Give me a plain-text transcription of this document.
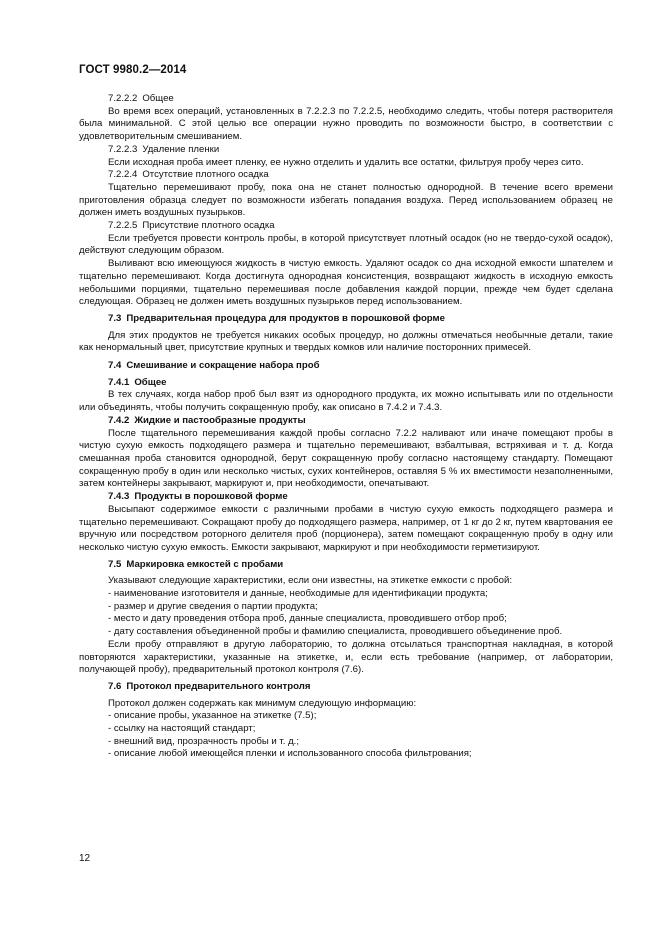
ГОСТ 9980.2—2014

7.2.2.2 Общее

Во время всех операций, установленных в 7.2.2.3 по 7.2.2.5, необходимо следить, чтобы потеря растворителя была минимальной. С этой целью все операции нужно проводить по возможности быстро, в соответствии с удовлетворительным смешиванием.

7.2.2.3 Удаление пленки

Если исходная проба имеет пленку, ее нужно отделить и удалить все остатки, фильтруя пробу через сито.

7.2.2.4 Отсутствие плотного осадка

Тщательно перемешивают пробу, пока она не станет полностью однородной. В течение всего времени приготовления образца следует по возможности избегать попадания воздуха. Перед использованием образец не должен иметь воздушных пузырьков.

7.2.2.5 Присутствие плотного осадка

Если требуется провести контроль пробы, в которой присутствует плотный осадок (но не твердо-сухой осадок), действуют следующим образом.

Выливают всю имеющуюся жидкость в чистую емкость. Удаляют осадок со дна исходной емкости шпателем и тщательно перемешивают. Когда достигнута однородная консистенция, возвращают жидкость в исходную емкость небольшими порциями, тщательно перемешивая после добавления каждой порции, прежде чем будет сделана следующая. Образец не должен иметь воздушных пузырьков перед использованием.

7.3 Предварительная процедура для продуктов в порошковой форме

Для этих продуктов не требуется никаких особых процедур, но должны отмечаться необычные детали, такие как ненормальный цвет, присутствие крупных и твердых комков или наличие посторонних примесей.

7.4 Смешивание и сокращение набора проб

7.4.1 Общее

В тех случаях, когда набор проб был взят из однородного продукта, их можно испытывать или по отдельности или объединять, чтобы получить сокращенную пробу, как описано в 7.4.2 и 7.4.3.

7.4.2 Жидкие и пастообразные продукты

После тщательного перемешивания каждой пробы согласно 7.2.2 наливают или иначе помещают пробы в чистую сухую емкость подходящего размера и тщательно перемешивают, взбалтывая, встряхивая и т. д. Когда смешанная проба становится однородной, берут сокращенную пробу согласно настоящему стандарту. Помещают сокращенную пробу в один или несколько чистых, сухих контейнеров, оставляя 5 % их вместимости незаполненными, затем контейнеры закрывают, маркируют и, при необходимости, опечатывают.

7.4.3 Продукты в порошковой форме

Высыпают содержимое емкости с различными пробами в чистую сухую емкость подходящего размера и тщательно перемешивают. Сокращают пробу до подходящего размера, например, от 1 кг до 2 кг, путем квартования ее вручную или посредством роторного делителя проб (порционера), затем помещают сокращенную пробу в одну или несколько чистую сухую емкость. Емкости закрывают, маркируют и при необходимости герметизируют.

7.5 Маркировка емкостей с пробами

Указывают следующие характеристики, если они известны, на этикетке емкости с пробой:

- наименование изготовителя и данные, необходимые для идентификации продукта;

- размер и другие сведения о партии продукта;

- место и дату проведения отбора проб, данные специалиста, проводившего отбор проб;

- дату составления объединенной пробы и фамилию специалиста, проводившего объединение проб.

Если пробу отправляют в другую лабораторию, то должна отсылаться транспортная накладная, в которой повторяются характеристики, указанные на этикетке, и, если есть требование (например, от лаборатории, получающей пробу), предварительный протокол контроля (7.6).

7.6 Протокол предварительного контроля

Протокол должен содержать как минимум следующую информацию:

- описание пробы, указанное на этикетке (7.5);

- ссылку на настоящий стандарт;

- внешний вид, прозрачность пробы и т. д.;

- описание любой имеющейся пленки и использованного способа фильтрования;

12
